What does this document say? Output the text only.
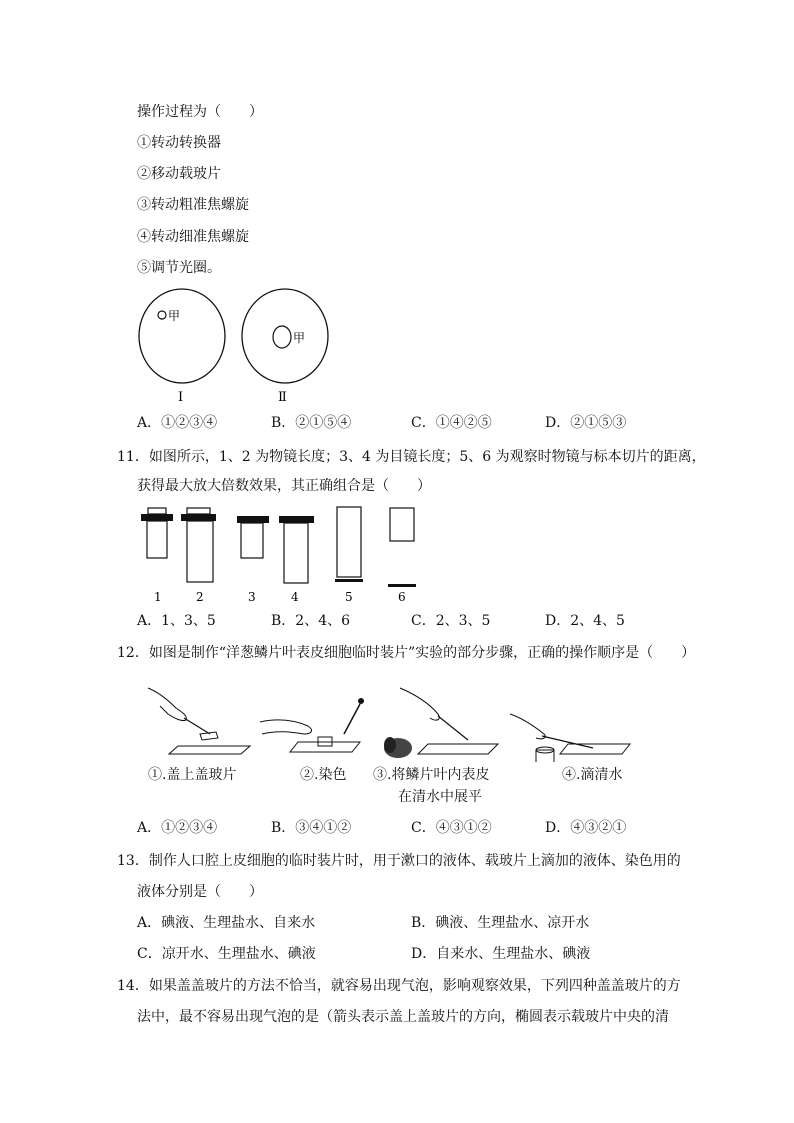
操作过程为（　　）
①转动转换器
②移动载玻片
③转动粗准焦螺旋
④转动细准焦螺旋
⑤调节光圈。
甲
甲
Ⅰ	Ⅱ
A．①②③④	B．②①⑤④	C．①④②⑤	D．②①⑤③
11．如图所示，1、2 为物镜长度；3、4 为目镜长度；5、6 为观察时物镜与标本切片的距离，
获得最大放大倍数效果，其正确组合是（　　）
1	2	3	4	5	6
A．1、3、5	B．2、4、6	C．2、3、5	D．2、4、5
12．如图是制作“洋葱鳞片叶表皮细胞临时装片”实验的部分步骤，正确的操作顺序是（　　）
①.盖上盖玻片	②.染色 ③.将鳞片叶内表皮
在清水中展平
④.滴清水
A．①②③④	B．③④①②	C．④③①②	D．④③②①
13．制作人口腔上皮细胞的临时装片时，用于漱口的液体、载玻片上滴加的液体、染色用的
液体分别是（　　）
A．碘液、生理盐水、自来水	B．碘液、生理盐水、凉开水
C．凉开水、生理盐水、碘液	D．自来水、生理盐水、碘液
14．如果盖盖玻片的方法不恰当，就容易出现气泡，影响观察效果，下列四种盖盖玻片的方
法中，最不容易出现气泡的是（箭头表示盖上盖玻片的方向，椭圆表示载玻片中央的清
